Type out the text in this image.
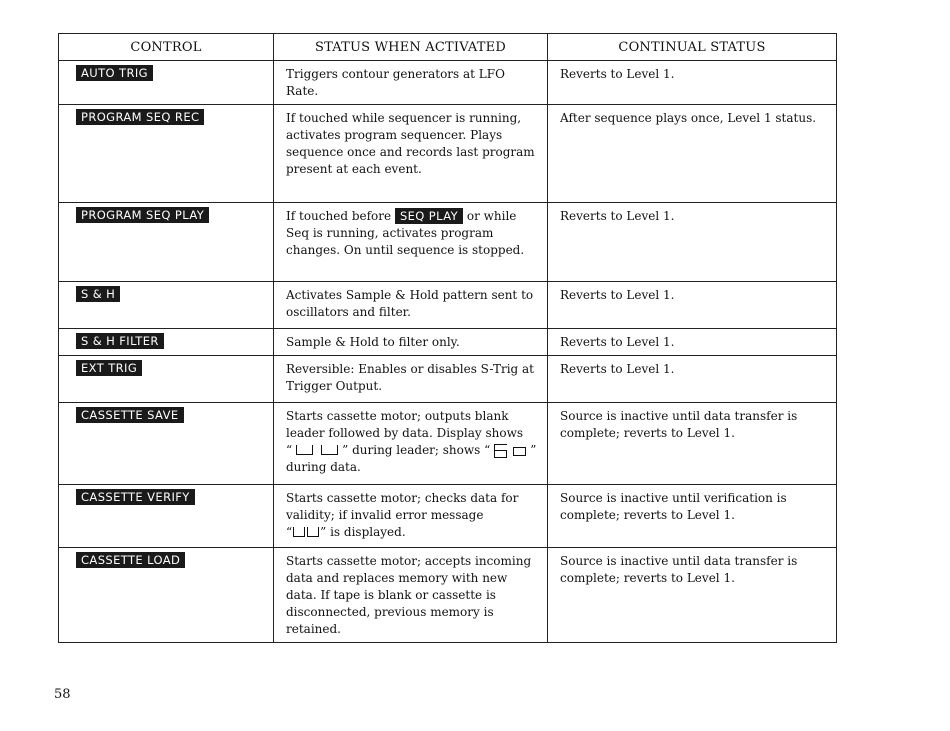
CONTROL	STATUS WHEN ACTIVATED	CONTINUAL STATUS
AUTO TRIG	Triggers contour generators at LFO Rate.	Reverts to Level 1.
PROGRAM SEQ REC	If touched while sequencer is running, activates program sequencer. Plays sequence once and records last program present at each event.	After sequence plays once, Level 1 status.
PROGRAM SEQ PLAY	If touched before SEQ PLAY or while Seq is running, activates program changes. On until sequence is stopped.	Reverts to Level 1.
S & H	Activates Sample & Hold pattern sent to oscillators and filter.	Reverts to Level 1.
S & H FILTER	Sample & Hold to filter only.	Reverts to Level 1.
EXT TRIG	Reversible: Enables or disables S-Trig at Trigger Output.	Reverts to Level 1.
CASSETTE SAVE	Starts cassette motor; outputs blank leader followed by data. Display shows
“ ” during leader; shows “ ”
during data.	Source is inactive until data transfer is complete; reverts to Level 1.
CASSETTE VERIFY	Starts cassette motor; checks data for validity; if invalid error message
“ ” is displayed.	Source is inactive until verification is complete; reverts to Level 1.
CASSETTE LOAD	Starts cassette motor; accepts incoming data and replaces memory with new data. If tape is blank or cassette is disconnected, previous memory is retained.	Source is inactive until data transfer is complete; reverts to Level 1.
58
